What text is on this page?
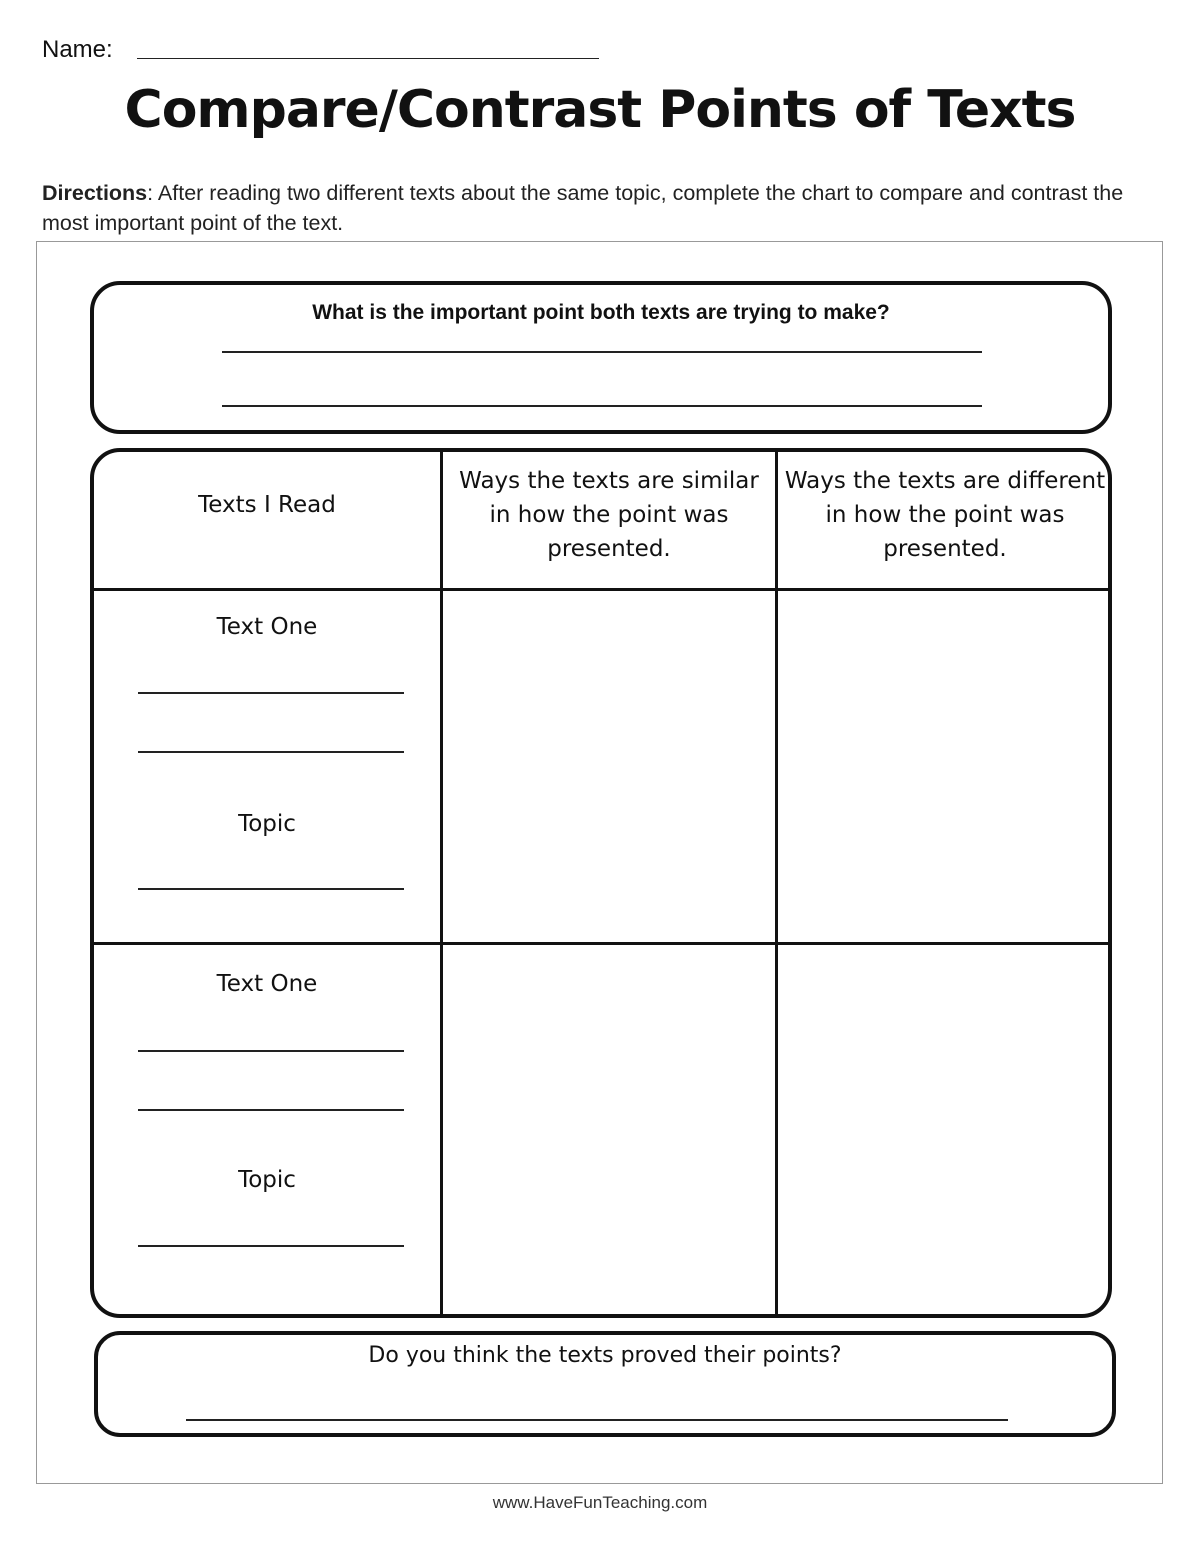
Name:
Compare/Contrast Points of Texts
Directions: After reading two different texts about the same topic, complete the chart to compare and contrast the most important point of the text.
What is the important point both texts are trying to make?
Texts I Read
Ways the texts are similar in how the point was presented.
Ways the texts are different in how the point was presented.
Text One
Topic
Text One
Topic
Do you think the texts proved their points?
www.HaveFunTeaching.com
